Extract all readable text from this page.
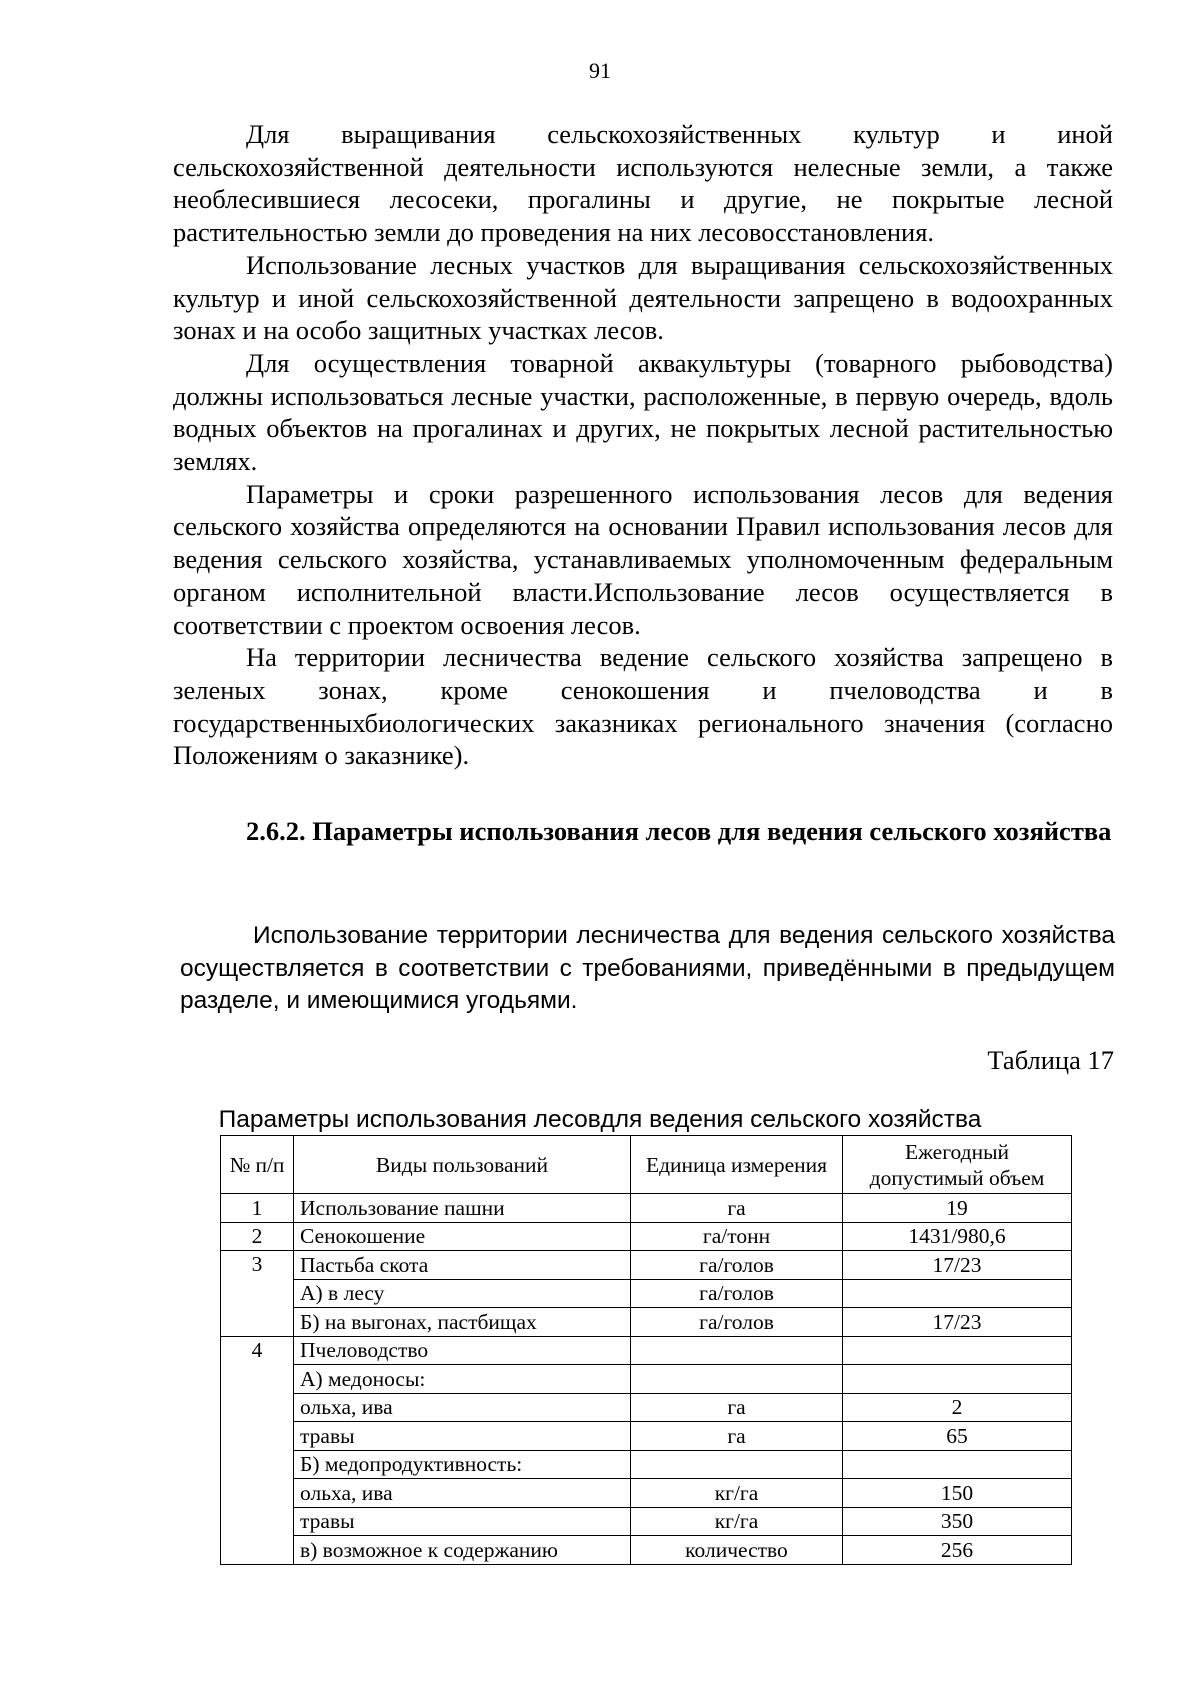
91

Для выращивания сельскохозяйственных культур и иной сельскохозяйственной деятельности используются нелесные земли, а также необлесившиеся лесосеки, прогалины и другие, не покрытые лесной растительностью земли до проведения на них лесовосстановления.

Использование лесных участков для выращивания сельскохозяйственных культур и иной сельскохозяйственной деятельности запрещено в водоохранных зонах и на особо защитных участках лесов.

Для осуществления товарной аквакультуры (товарного рыбоводства) должны использоваться лесные участки, расположенные, в первую очередь, вдоль водных объектов на прогалинах и других, не покрытых лесной растительностью землях.

Параметры и сроки разрешенного использования лесов для ведения сельского хозяйства определяются на основании Правил использования лесов для ведения сельского хозяйства, устанавливаемых уполномоченным федеральным органом исполнительной власти.Использование лесов осуществляется в соответствии с проектом освоения лесов.

На территории лесничества ведение сельского хозяйства запрещено в зеленых зонах, кроме сенокошения и пчеловодства и в государственныхбиологических заказниках регионального значения (согласно Положениям о заказнике).

2.6.2. Параметры использования лесов для ведения сельского хозяйства

Использование территории лесничества для ведения сельского хозяйства осуществляется в соответствии с требованиями, приведёнными в предыдущем разделе, и имеющимися угодьями.

Таблица 17
Параметры использования лесовдля ведения сельского хозяйства
№ п/п	Виды пользований	Единица измерения	Ежегодный допустимый объем
1	Использование пашни	га	19
2	Сенокошение	га/тонн	1431/980,6
3	Пастьба скота	га/голов	17/23
	А) в лесу	га/голов	
	Б) на выгонах, пастбищах	га/голов	17/23
4	Пчеловодство		
	А) медоносы:		
	ольха, ива	га	2
	травы	га	65
	Б) медопродуктивность:		
	ольха, ива	кг/га	150
	травы	кг/га	350
	в) возможное к содержанию	количество	256
